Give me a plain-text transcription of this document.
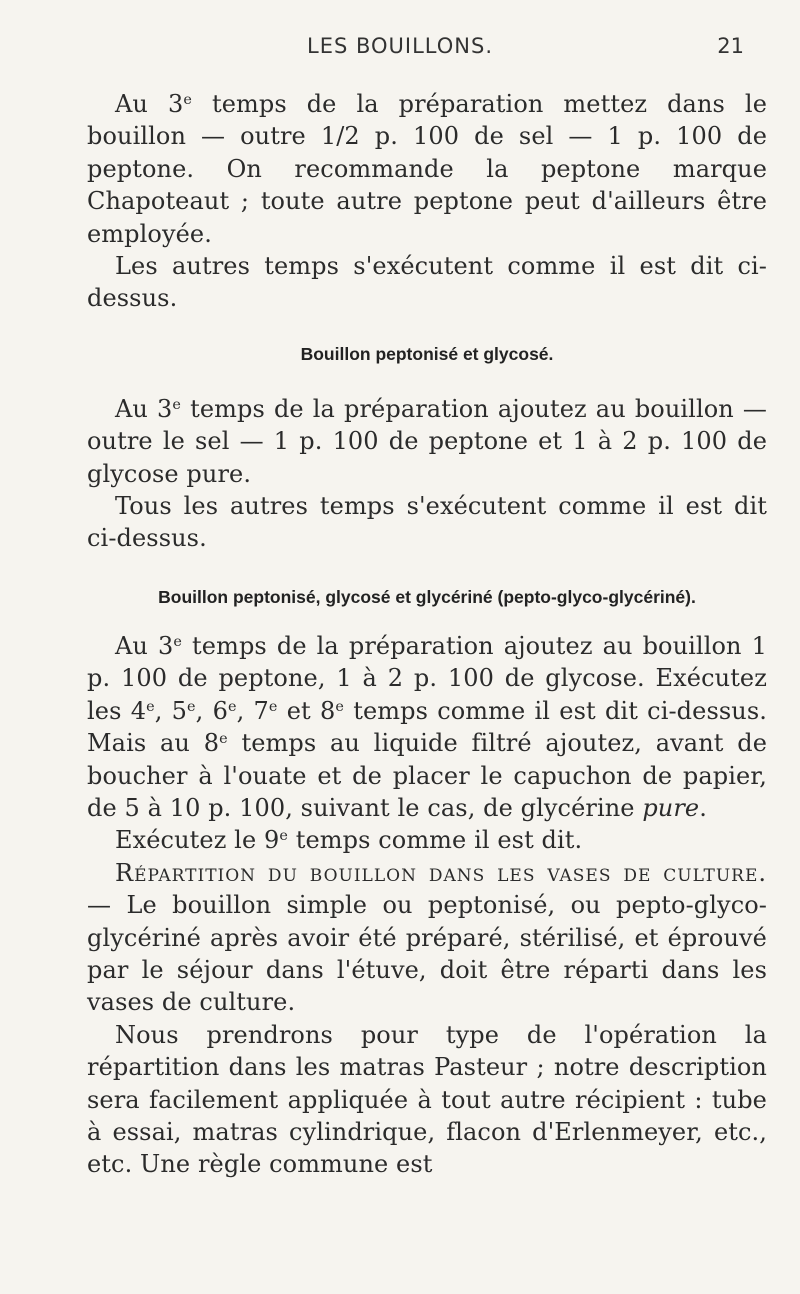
LES BOUILLONS.	21

Au 3e temps de la préparation mettez dans le bouillon — outre 1/2 p. 100 de sel — 1 p. 100 de peptone. On recommande la peptone marque Chapoteaut ; toute autre peptone peut d'ailleurs être employée.

Les autres temps s'exécutent comme il est dit ci-dessus.

Bouillon peptonisé et glycosé.

Au 3e temps de la préparation ajoutez au bouillon — outre le sel — 1 p. 100 de peptone et 1 à 2 p. 100 de glycose pure.

Tous les autres temps s'exécutent comme il est dit ci-dessus.

Bouillon peptonisé, glycosé et glycériné (pepto-glyco-glycériné).

Au 3e temps de la préparation ajoutez au bouillon 1 p. 100 de peptone, 1 à 2 p. 100 de glycose. Exécutez les 4e, 5e, 6e, 7e et 8e temps comme il est dit ci-dessus. Mais au 8e temps au liquide filtré ajoutez, avant de boucher à l'ouate et de placer le capuchon de papier, de 5 à 10 p. 100, suivant le cas, de glycérine pure.

Exécutez le 9e temps comme il est dit.

Répartition du bouillon dans les vases de culture. — Le bouillon simple ou peptonisé, ou pepto-glyco-glycériné après avoir été préparé, stérilisé, et éprouvé par le séjour dans l'étuve, doit être réparti dans les vases de culture.

Nous prendrons pour type de l'opération la répartition dans les matras Pasteur ; notre description sera facilement appliquée à tout autre récipient : tube à essai, matras cylindrique, flacon d'Erlenmeyer, etc., etc. Une règle commune est
